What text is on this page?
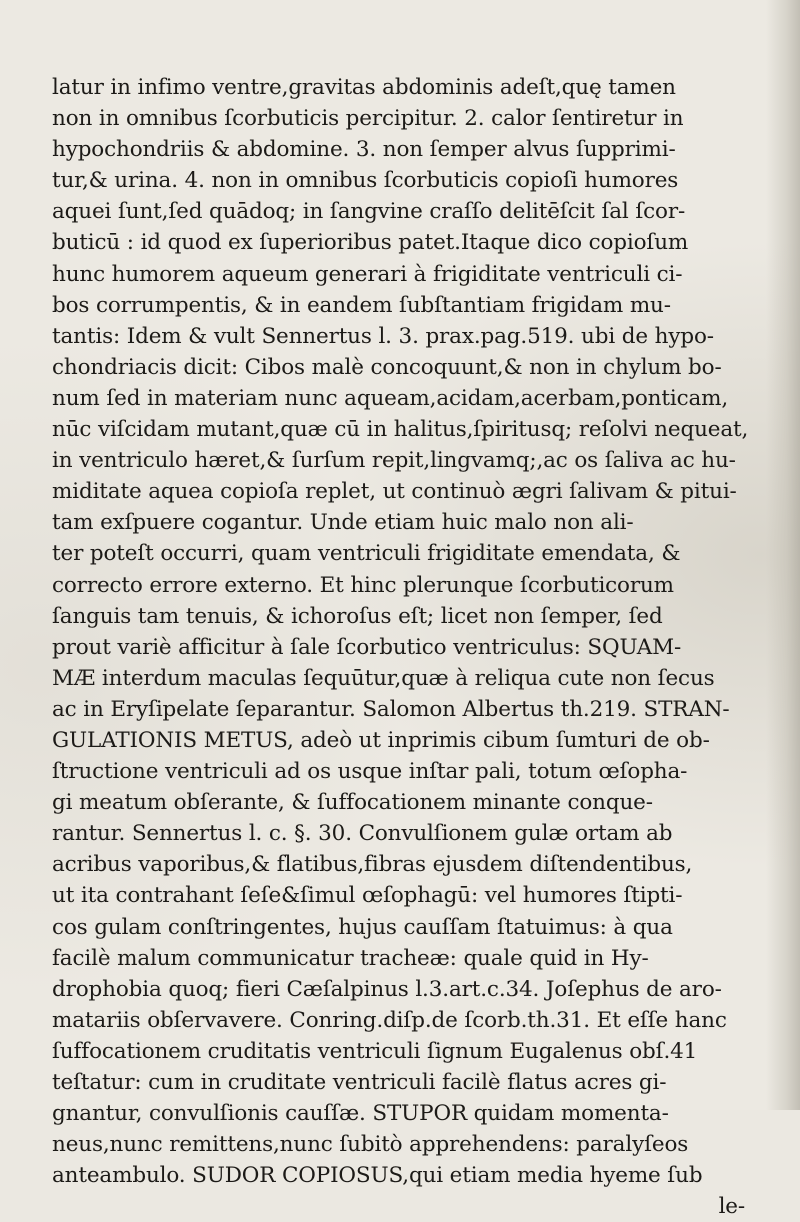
latur in infimo ventre,gravitas abdominis adeſt,quę tamen
non in omnibus ſcorbuticis percipitur. 2. calor ſentiretur in
hypochondriis & abdomine. 3. non ſemper alvus ſupprimi-
tur,& urina. 4. non in omnibus ſcorbuticis copioſi humores
aquei ſunt,ſed quādoq; in ſangvine craſſo delitēſcit ſal ſcor-
buticū : id quod ex ſuperioribus patet.Itaque dico copioſum
hunc humorem aqueum generari à frigiditate ventriculi ci-
bos corrumpentis, & in eandem ſubſtantiam frigidam mu-
tantis: Idem & vult Sennertus l. 3. prax.pag.519. ubi de hypo-
chondriacis dicit: Cibos malè concoquunt,& non in chylum bo-
num ſed in materiam nunc aqueam,acidam,acerbam,ponticam,
nūc viſcidam mutant,quæ cū in halitus,ſpiritusq; reſolvi nequeat,
in ventriculo hæret,& ſurſum repit,lingvamq;,ac os ſaliva ac hu-
miditate aquea copioſa replet, ut continuò ægri ſalivam & pitui-
tam exſpuere cogantur. Unde etiam huic malo non ali-
ter poteſt occurri, quam ventriculi frigiditate emendata, &
correcto errore externo. Et hinc plerunque ſcorbuticorum
ſanguis tam tenuis, & ichoroſus eſt; licet non ſemper, ſed
prout variè afficitur à ſale ſcorbutico ventriculus: SQUAM-
MÆ interdum maculas ſequūtur,quæ à reliqua cute non ſecus
ac in Eryſipelate ſeparantur. Salomon Albertus th.219. STRAN-
GULATIONIS METUS, adeò ut inprimis cibum ſumturi de ob-
ſtructione ventriculi ad os usque inſtar pali, totum œſopha-
gi meatum obſerante, & ſuffocationem minante conque-
rantur. Sennertus l. c. §. 30. Convulſionem gulæ ortam ab
acribus vaporibus,& flatibus,fibras ejusdem diſtendentibus,
ut ita contrahant ſeſe&ſimul œſophagū: vel humores ſtipti-
cos gulam conſtringentes, hujus cauſſam ſtatuimus: à qua
facilè malum communicatur tracheæ: quale quid in Hy-
drophobia quoq; fieri Cæſalpinus l.3.art.c.34. Joſephus de aro-
matariis obſervavere. Conring.diſp.de ſcorb.th.31. Et eſſe hanc
ſuffocationem cruditatis ventriculi ſignum Eugalenus obſ.41
teſtatur: cum in cruditate ventriculi facilè flatus acres gi-
gnantur, convulſionis cauſſæ. STUPOR quidam momenta-
neus,nunc remittens,nunc ſubitò apprehendens: paralyſeos
anteambulo. SUDOR COPIOSUS,qui etiam media hyeme ſub
le-
